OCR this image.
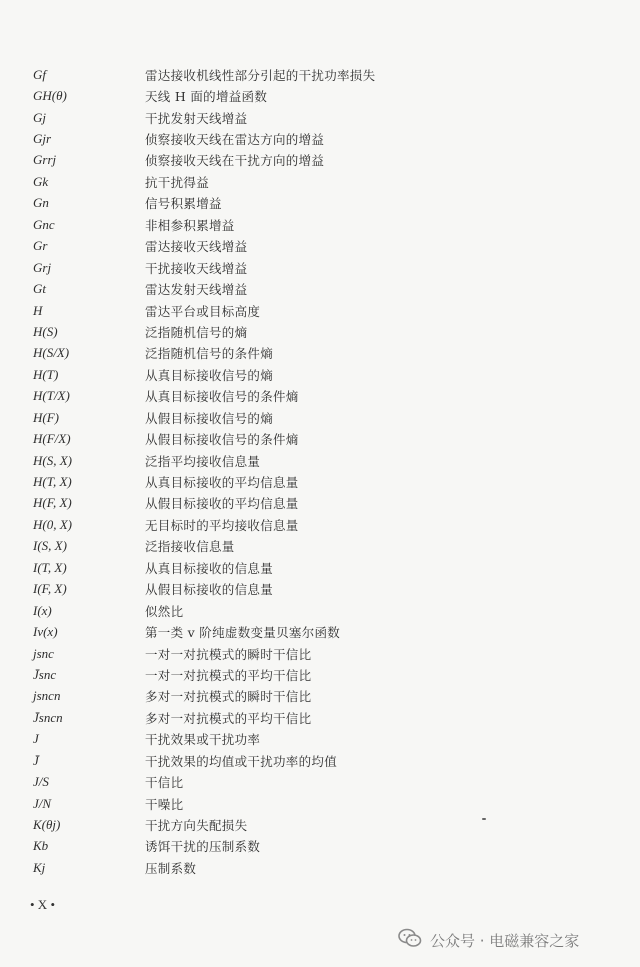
Gf	雷达接收机线性部分引起的干扰功率损失
GH(θ)	天线 H 面的增益函数
Gj	干扰发射天线增益
Gjr	侦察接收天线在雷达方向的增益
Grrj	侦察接收天线在干扰方向的增益
Gk	抗干扰得益
Gn	信号积累增益
Gnc	非相参积累增益
Gr	雷达接收天线增益
Grj	干扰接收天线增益
Gt	雷达发射天线增益
H	雷达平台或目标高度
H(S)	泛指随机信号的熵
H(S/X)	泛指随机信号的条件熵
H(T)	从真目标接收信号的熵
H(T/X)	从真目标接收信号的条件熵
H(F)	从假目标接收信号的熵
H(F/X)	从假目标接收信号的条件熵
H(S, X)	泛指平均接收信息量
H(T, X)	从真目标接收的平均信息量
H(F, X)	从假目标接收的平均信息量
H(0, X)	无目标时的平均接收信息量
I(S, X)	泛指接收信息量
I(T, X)	从真目标接收的信息量
I(F, X)	从假目标接收的信息量
I(x)	似然比
Iv(x)	第一类 v 阶纯虚数变量贝塞尔函数
jsnc	一对一对抗模式的瞬时干信比
J̄snc	一对一对抗模式的平均干信比
jsncn	多对一对抗模式的瞬时干信比
J̄sncn	多对一对抗模式的平均干信比
J	干扰效果或干扰功率
J̄	干扰效果的均值或干扰功率的均值
J/S	干信比
J/N	干噪比
K(θj)	干扰方向失配损失
Kb	诱饵干扰的压制系数
Kj	压制系数
• X •
公众号 · 电磁兼容之家
